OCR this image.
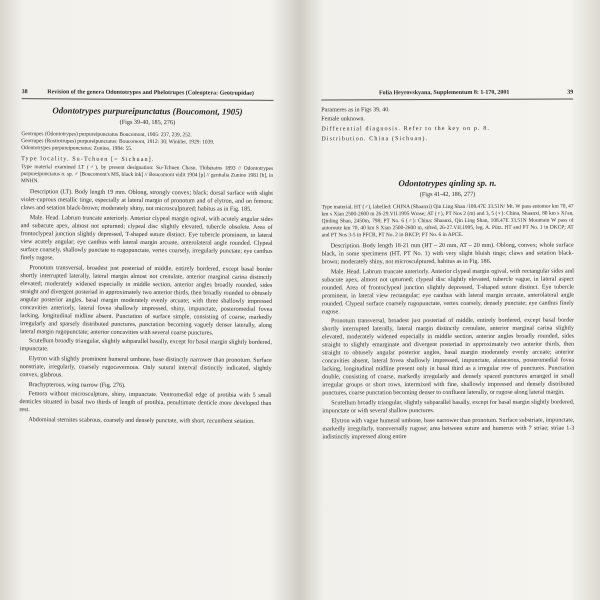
38	Revision of the genera Odontotrypes and Phelotrupes (Coleoptera: Geotrupidae)
Odontotrypes purpureipunctatus (Boucomont, 1905)
(Figs 39-40, 185, 276)
Geotrupes (Odontotrypes) purpureipunctatus Boucomont, 1905: 237, 239, 252.
Geotrupes (Rostrotrupes) purpureipunctatus: Boucomont, 1912: 30; Winkler, 1929: 1039.
Odontotrypes purpureipunctatus: Zunino, 1984: 55.

Type locality. Su-Tchuen [= Sichuan].

Type material examined LT (♂), by present designation: Su-Tchuen Chasn. Thibétains 1893 // Odontotrypes purpureipunctatus n. sp. ♂ [Boucomont's MS, black ink] // Boucomont vidit 1904 [p] // genitalia Zunino 1981 [h], in MNHN.

Description (LT). Body length 19 mm. Oblong, strongly convex; black; dorsal surface with slight violet-cuprous metallic tinge, especially at lateral margin of pronotum and of elytron, and on femora; claws and setation black-brown; moderately shiny, not microsculptured; habitus as in Fig. 185.

Male. Head. Labrum truncate anteriorly. Anterior clypeal margin ogival, with acutely angular sides and subacute apex, almost not upturned; clypeal disc slightly elevated, tubercle obsolete. Area of frontoclypeal junction slightly depressed, T-shaped suture distinct. Eye tubercle prominent, in lateral view acutely angular; eye canthus with lateral margin arcuate, anterolateral angle rounded. Clypeal surface coarsely, shallowly punctate to rugopunctate, vertex coarsely, irregularly punctate; eye canthus finely rugose.

Pronotum transversal, broadest just posteriad of middle, entirely bordered, except basal border shortly interrupted laterally, lateral margin almost not crenulate, anterior marginal carina distinctly elevated; moderately widened especially in middle section, anterior angles broadly rounded, sides straight and divergent posteriad in approximately two anterior thirds, then broadly rounded to obtusely angular posterior angles, basal margin moderately evenly arcuate; with three shallowly impressed concavities anteriorly, lateral fovea shallowly impressed, shiny, impunctate, posteromedial fovea lacking, longitudinal midline absent. Punctation of surface simple, consisting of coarse, markedly irregularly and sparsely distributed punctures, punctation becoming vaguely denser laterally, along lateral margin rugopunctate; anterior concavities with several coarse punctures.

Scutellum broadly triangular, slightly subparallel basally, except for basal margin slightly bordered, impunctate.

Elytron with slightly prominent humeral umbone, base distinctly narrower than pronotum. Surface nonstriate, irregularly, coarsely rugocavernous. Only sutural interval distinctly indicated, slightly convex, glabrous.

Brachypterous, wing narrow (Fig. 276).

Femora without microsculpture, shiny, impunctate. Ventromedial edge of protibia with 5 small denticles situated in basal two thirds of length of protibia, penultimate denticle more developed than rest.

Abdominal sternites scabrous, coarsely and densely punctate, with short, recumbent setation.

Folia Heyrovskyana, Supplementum 8: 1-170, 2001	39

Parameres as in Figs 39, 40.

Female unknown.

Differential diagnosis. Refer to the key on p. 8.

Distribution. China (Sichuan).

Odontotrypes qinling sp. n.
(Figs 41-42, 186, 277)

Type material. HT (♂), labelled: CHINA (Shaanxi) Qin Ling Shan /108.47E 33.51N/ Mt. W pass entomor km 70, 47 km s Xian 2500-2600 m 26-29.VII.1995 Wrase; AT (♀), PT Nos 2 (m) and 3, 5 (♀): China, Shaanxi, 80 km s Xi'an, Qinling Shan, 2450m, 798; PT No. 6 (♂): China: Shaanxi, Qin Ling Shan, 108.47E 33.51N Mountain W pass of autoroute km 70, 40 km S Xian 2500-2600 m, sifted, 26-27.VII.1995, leg. A. Pütz. HT and PT No. 1 in DKCP; AT and PT Nos 3-5 in PFCR, PT No. 2 in BKCP; PT No. 6 in APCE.

Description. Body length 18-21 mm (HT – 20 mm, AT – 20 mm). Oblong, convex; whole surface black, in some specimens (HT, PT No. 1) with very slight bluish tinge; claws and setation black-brown; moderately shiny, not microsculptured, habitus as in Fig. 186.

Male. Head. Labrum truncate anteriorly. Anterior clypeal margin ogival, with rectangular sides and subacute apex, almost not upturned; clypeal disc slightly elevated, tubercle vague, in lateral aspect rounded. Area of frontoclypeal junction slightly depressed, T-shaped suture distinct. Eye tubercle prominent, in lateral view rectangular; eye canthus with lateral margin arcuate, anterolateral angle rounded. Clypeal surface coarsely rugopunctate, vertex coarsely, densely punctate; eye canthus finely rugose.

Pronotum transversal, broadest just posteriad of middle, entirely bordered, except basal border shortly interrupted laterally, lateral margin distinctly crenulate, anterior marginal carina slightly elevated, moderately widened especially in middle section, anterior angles broadly rounded, sides straight to slightly emarginate and divergent posteriad in approximately two anterior thirds, then straight to obtusely angular posterior angles, basal margin moderately evenly arcuate; anterior concavities absent, lateral fovea shallowly impressed, impunctate, alutaceous, posteromedial fovea lacking, longitudinal midline present only in basal third as a irregular row of punctures. Punctation double, consisting of coarse, markedly irregularly and densely spaced punctures arranged in small irregular groups or short rows, intermixed with fine, shallowly impressed and densely distributed punctures, coarse punctation becoming denser to confluent laterally, or rugose along lateral margin.

Scutellum broadly triangular, slightly subparallel basally, except for basal margin slightly bordered, impunctate or with several shallow punctures.

Elytron with vague humeral umbone, base narrower than pronotum. Surface substriate, impunctate, markedly irregularly, transversally rugose; area between suture and humerus with 7 striae; striae 1-3 indistinctly impressed along entire
